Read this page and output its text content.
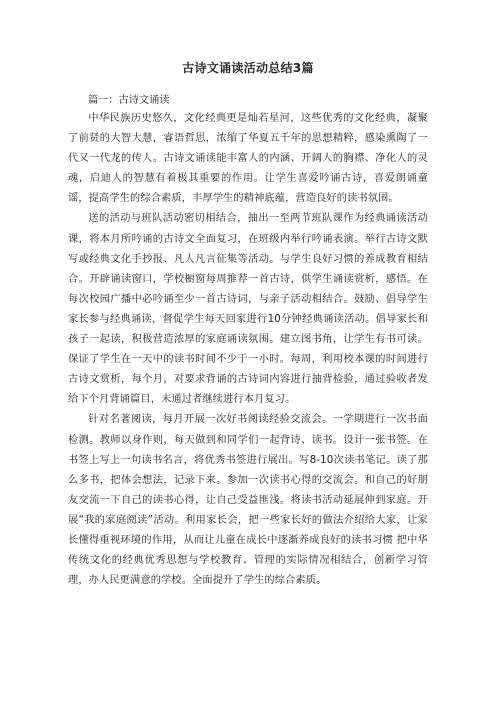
古诗文诵读活动总结3篇

篇一：古诗文诵读

中华民族历史悠久，文化经典更是灿若星河，这些优秀的文化经典，凝聚了前贤的大智大慧，睿语哲思，浓缩了华夏五千年的思想精粹，感染熏陶了一代又一代龙的传人。古诗文诵读能丰富人的内涵、开阔人的胸襟、净化人的灵魂，启迪人的智慧有着极其重要的作用。让学生喜爱吟诵古诗，喜爱朗诵童谣，提高学生的综合素质，丰厚学生的精神底蕴，营造良好的读书氛围。

送的活动与班队活动密切相结合，抽出一至两节班队课作为经典诵读活动课，将本月所吟诵的古诗文全面复习，在班级内举行吟诵表演。举行古诗文默写或经典文化手抄报、凡人凡言征集等活动。与学生良好习惯的养成教育相结合。开辟诵读窗口，学校橱窗每周推荐一首古诗，供学生诵读赏析，感悟。在每次校园广播中必吟诵至少一首古诗词，与亲子活动相结合。鼓励、倡导学生家长参与经典诵读，督促学生每天回家进行10分钟经典诵读活动。倡导家长和孩子一起读，积极营造浓厚的家庭诵读氛围。建立图书角，让学生有书可读。保证了学生在一天中的读书时间不少于一小时。每周，利用校本课的时间进行古诗文赏析，每个月，对要求背诵的古诗词内容进行抽背检验，通过验收者发给下个月背诵篇目，未通过者继续进行本月复习。

针对名著阅读，每月开展一次好书阅读经验交流会。一学期进行一次书面检测。教师以身作则，每天做到和同学们一起背诗、读书。设计一张书签。在书签上写上一句读书名言，将优秀书签进行展出。写8-10次读书笔记。读了那么多书，把体会想法，记录下来。参加一次读书心得的交流会。和自己的好朋友交流一下自己的读书心得，让自己受益匪浅。将读书活动延展伸到家庭。开展“我的家庭阅读”活动。利用家长会，把一些家长好的做法介绍给大家，让家长懂得重视环境的作用，从而让儿童在成长中逐渐养成良好的读书习惯 把中华传统文化的经典优秀思想与学校教育、管理的实际情况相结合，创新学习管理，办人民更满意的学校。全面提升了学生的综合素质。
